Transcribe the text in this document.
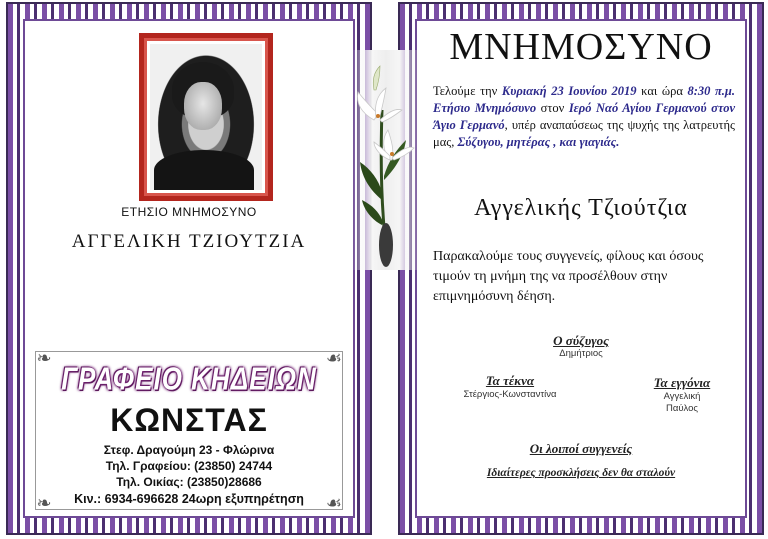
ΕΤΗΣΙΟ ΜΝΗΜΟΣΥΝΟ
ΑΓΓΕΛΙΚΗ ΤΖΙΟΥΤΖΙΑ
❧	☙
❧	☙
ΓΡΑΦΕΙΟ ΚΗΔΕΙΩΝ
ΚΩΝΣΤΑΣ
Στεφ. Δραγούμη 23 - Φλώρινα
Τηλ. Γραφείου: (23850) 24744
Τηλ. Οικίας: (23850)28686
Κιν.: 6934-696628 24ωρη εξυπηρέτηση
ΜΝΗΜΟΣΥΝΟ
Τελούμε την Κυριακή 23 Ιουνίου 2019 και ώρα 8:30 π.μ. Ετήσιο Μνημόσυνο στον Ιερό Ναό Αγίου Γερμανού στον Άγιο Γερμανό, υπέρ αναπαύσεως της ψυχής της λατρευτής μας, Σύζυγου, μητέρας , και γιαγιάς.
Αγγελικής Τζιούτζια
Παρακαλούμε τους συγγενείς, φίλους και όσους τιμούν τη μνήμη της να προσέλθουν στην επιμνημόσυνη δέηση.
Ο σύζυγος
Δημήτριος
Τα τέκνα
Στέργιος-Κωνσταντίνα
Τα εγγόνια
Αγγελική
Παύλος
Οι λοιποί συγγενείς
Ιδιαίτερες προσκλήσεις δεν θα σταλούν
